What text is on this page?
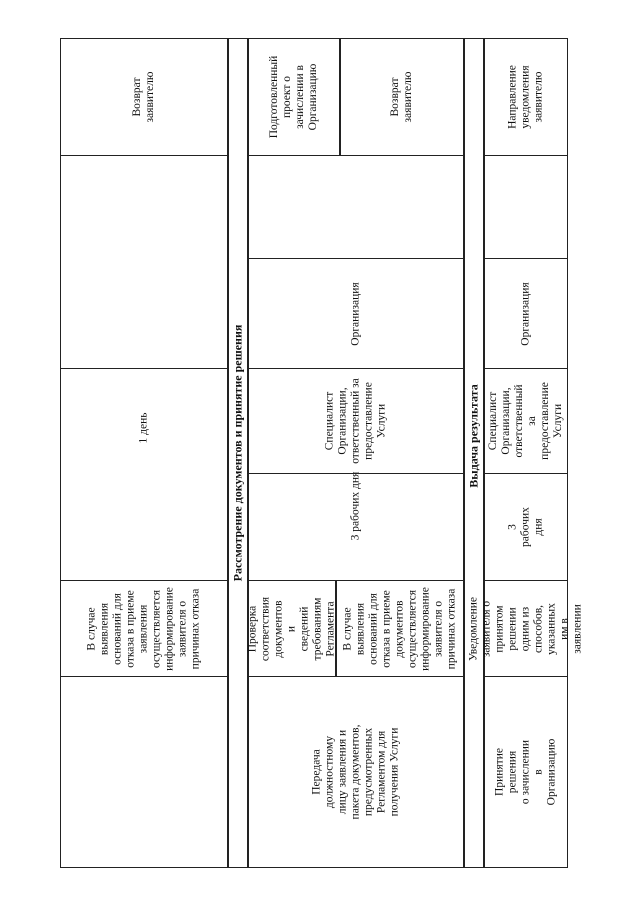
В случае выявления
оснований для
отказа в приеме
заявления
осуществляется
информирование
заявителя о
причинах отказа
1 день
Возврат
заявителю
Рассмотрение документов и принятие решения
Передача
должностному
лицу заявления и
пакета документов,
предусмотренных
Регламентом для
получения Услуги
Проверка
соответствия
документов и
сведений
требованиям
Регламента В случае выявления
оснований для
отказа в приеме
документов
осуществляется
информирование
заявителя о
причинах отказа
3 рабочих дня
Специалист
Организации,
ответственный за
предоставление
Услуги
Организация
Подготовленный
проект о
зачислении в
Организацию	Возврат
заявителю
Выдача результата
Принятие решения
о зачислении в
Организацию
Уведомление
заявителя о
принятом решении
одним из способов,
указанных им в
заявлении
3 рабочих дня
Специалист
Организации,
ответственный за
предоставление
Услуги
Организация
Направление
уведомления
заявителю
